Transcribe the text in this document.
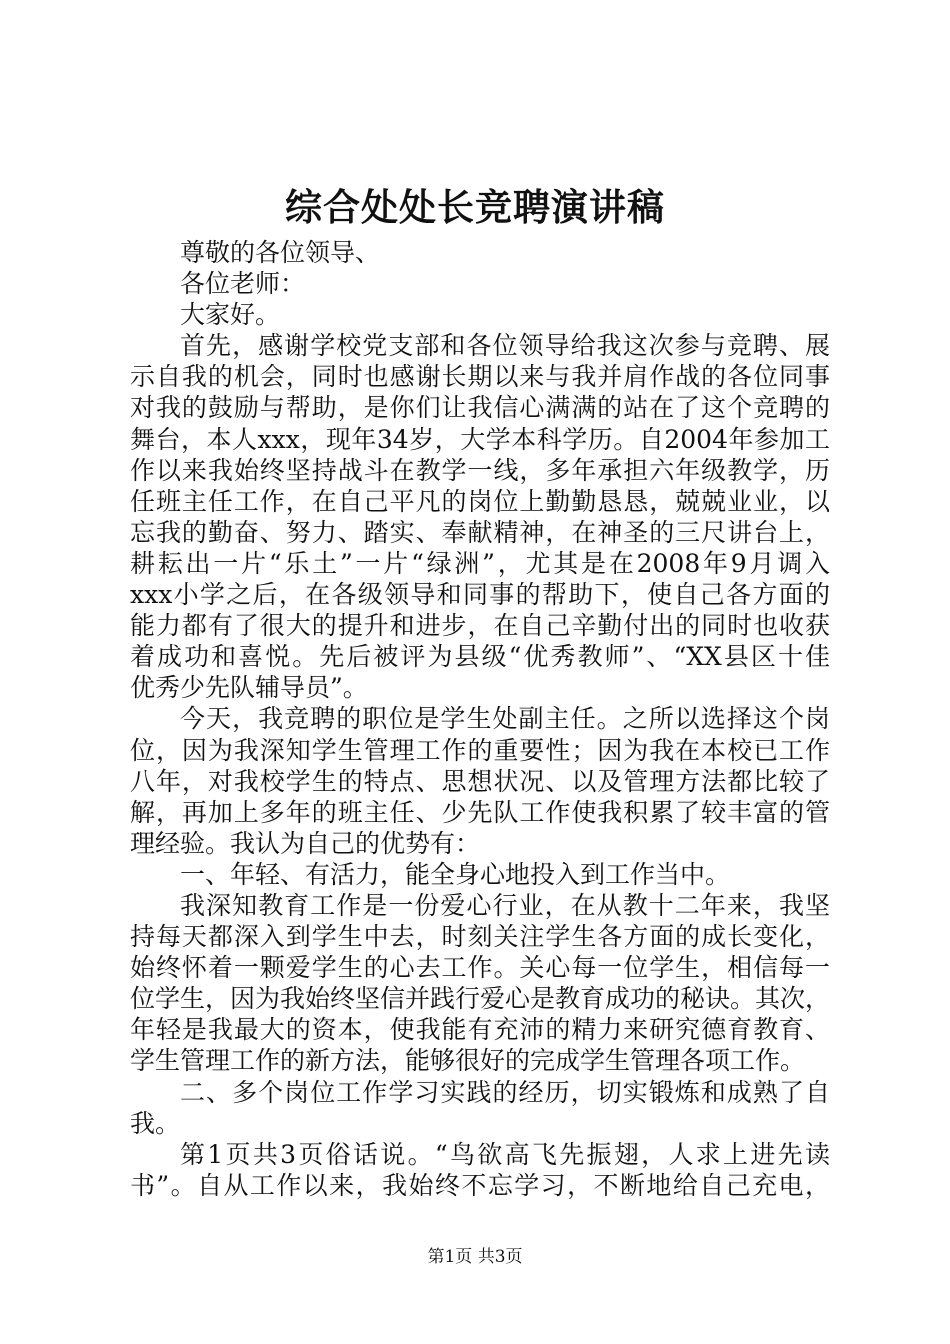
综合处处长竞聘演讲稿
尊敬的各位领导、
各位老师：
大家好。
首先，感谢学校党支部和各位领导给我这次参与竞聘、展
示自我的机会，同时也感谢长期以来与我并肩作战的各位同事
对我的鼓励与帮助，是你们让我信心满满的站在了这个竞聘的
舞台，本人xxx，现年34岁，大学本科学历。自2004年参加工
作以来我始终坚持战斗在教学一线，多年承担六年级教学，历
任班主任工作，在自己平凡的岗位上勤勤恳恳，兢兢业业，以
忘我的勤奋、努力、踏实、奉献精神，在神圣的三尺讲台上，
耕耘出一片“乐土”一片“绿洲”，尤其是在2008年9月调入
xxx小学之后，在各级领导和同事的帮助下，使自己各方面的
能力都有了很大的提升和进步，在自己辛勤付出的同时也收获
着成功和喜悦。先后被评为县级“优秀教师”、“XX县区十佳
优秀少先队辅导员”。
今天，我竞聘的职位是学生处副主任。之所以选择这个岗
位，因为我深知学生管理工作的重要性；因为我在本校已工作
八年，对我校学生的特点、思想状况、以及管理方法都比较了
解，再加上多年的班主任、少先队工作使我积累了较丰富的管
理经验。我认为自己的优势有：
一、年轻、有活力，能全身心地投入到工作当中。
我深知教育工作是一份爱心行业，在从教十二年来，我坚
持每天都深入到学生中去，时刻关注学生各方面的成长变化，
始终怀着一颗爱学生的心去工作。关心每一位学生，相信每一
位学生，因为我始终坚信并践行爱心是教育成功的秘诀。其次，
年轻是我最大的资本，使我能有充沛的精力来研究德育教育、
学生管理工作的新方法，能够很好的完成学生管理各项工作。
二、多个岗位工作学习实践的经历，切实锻炼和成熟了自
我。
第1页共3页俗话说。“鸟欲高飞先振翅，人求上进先读
书”。自从工作以来，我始终不忘学习，不断地给自己充电，
第1页 共3页
